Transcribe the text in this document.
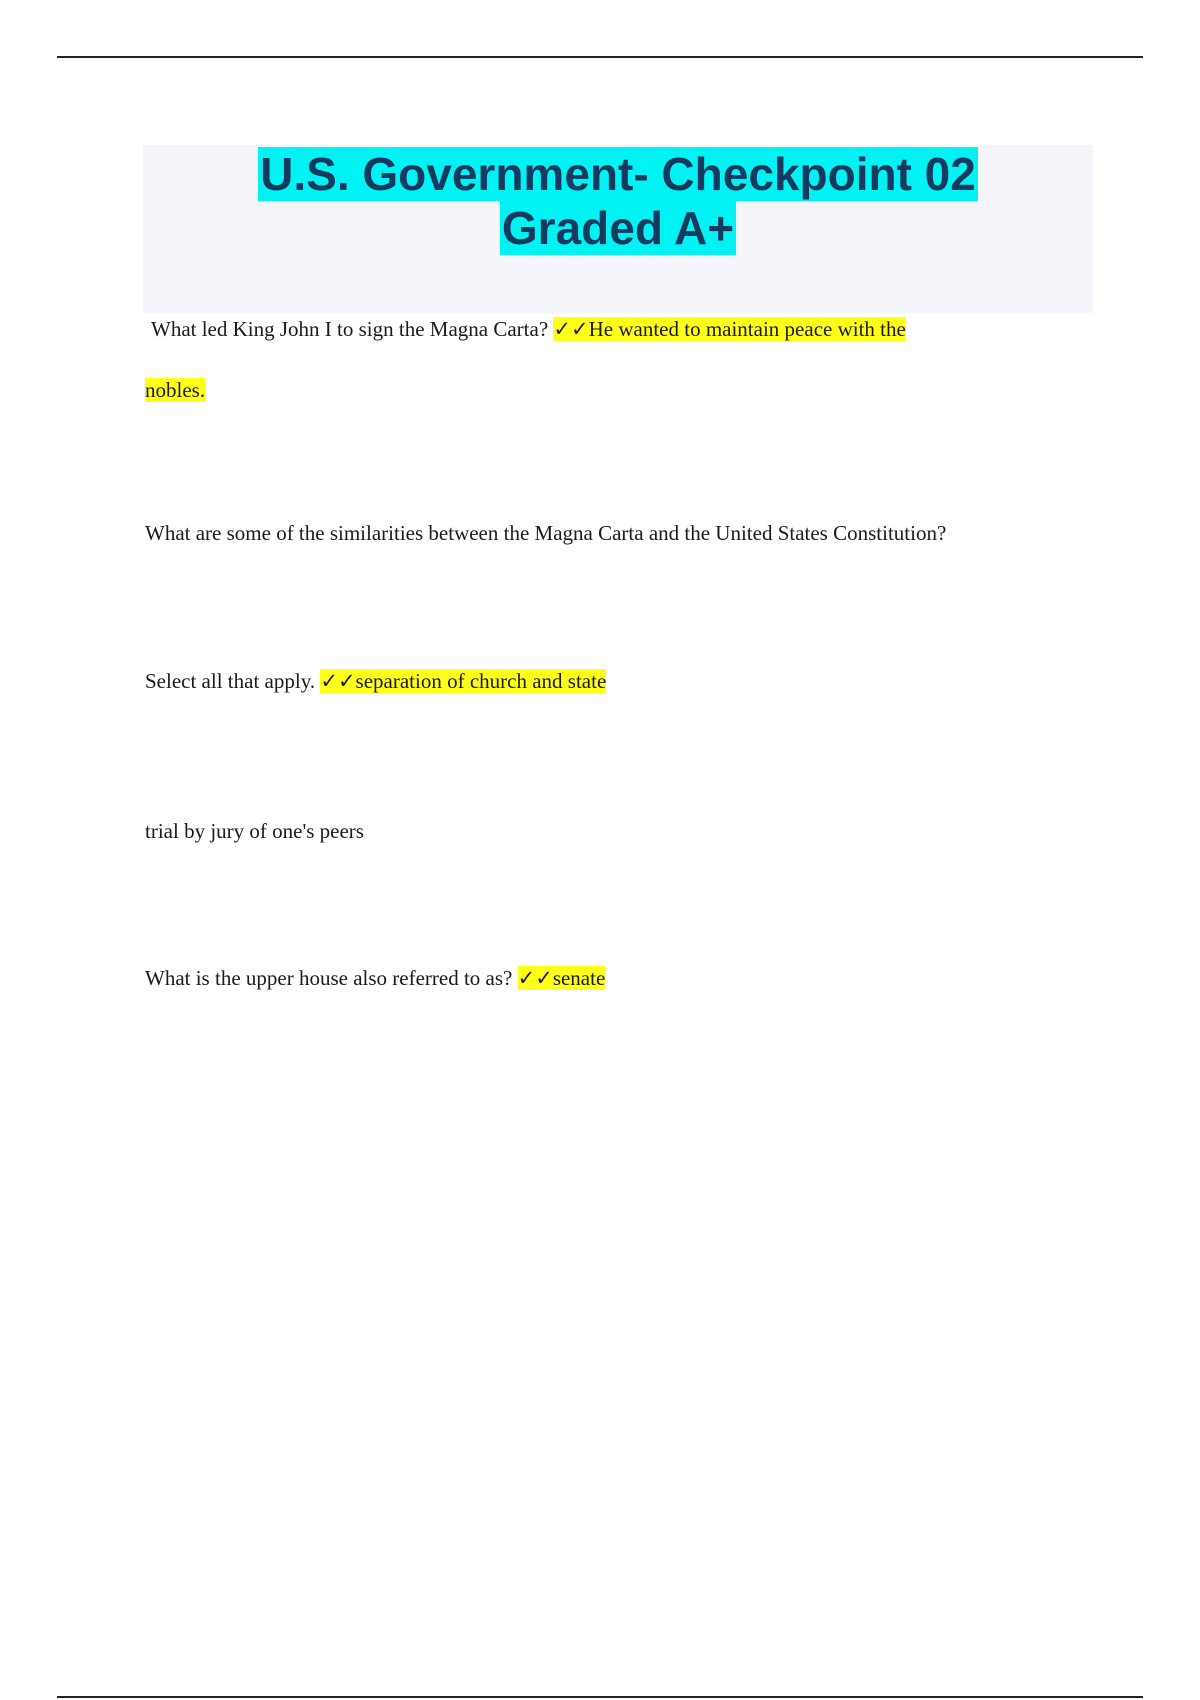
U.S. Government- Checkpoint 02
Graded A+
What led King John I to sign the Magna Carta? ✓✓He wanted to maintain peace with the
nobles.
What are some of the similarities between the Magna Carta and the United States Constitution?
Select all that apply. ✓✓separation of church and state
trial by jury of one's peers
What is the upper house also referred to as? ✓✓senate
